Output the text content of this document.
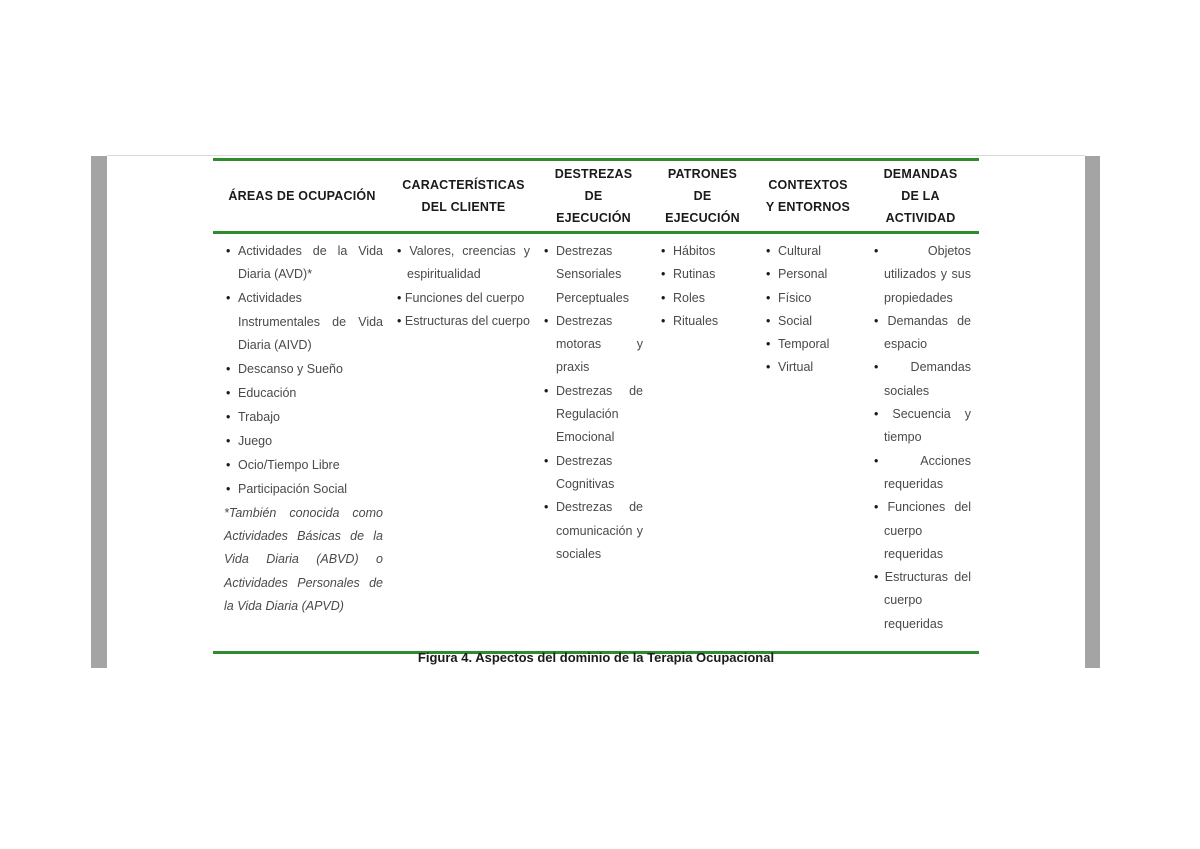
ÁREAS DE OCUPACIÓN
CARACTERÍSTICAS DEL CLIENTE
DESTREZAS DE EJECUCIÓN
PATRONES DE EJECUCIÓN
CONTEXTOS Y ENTORNOS
DEMANDAS DE LA ACTIVIDAD
• Actividades de la Vida Diaria (AVD)*
• Actividades Instrumentales de Vida Diaria (AIVD)
• Descanso y Sueño
• Educación
• Trabajo
• Juego
• Ocio/Tiempo Libre
• Participación Social
*También conocida como Actividades Básicas de la Vida Diaria (ABVD) o Actividades Personales de la Vida Diaria (APVD)
• Valores, creencias y espiritualidad
• Funciones del cuerpo
• Estructuras del cuerpo
• Destrezas Sensoriales Perceptuales
• Destrezas motoras y praxis
• Destrezas de Regulación Emocional
• Destrezas Cognitivas
• Destrezas de comunicación y sociales
• Hábitos
• Rutinas
• Roles
• Rituales
• Cultural
• Personal
• Físico
• Social
• Temporal
• Virtual
• Objetos utilizados y sus propiedades
• Demandas de espacio
• Demandas sociales
• Secuencia y tiempo
• Acciones requeridas
• Funciones del cuerpo requeridas
• Estructuras del cuerpo requeridas
Figura 4. Aspectos del dominio de la Terapia Ocupacional
